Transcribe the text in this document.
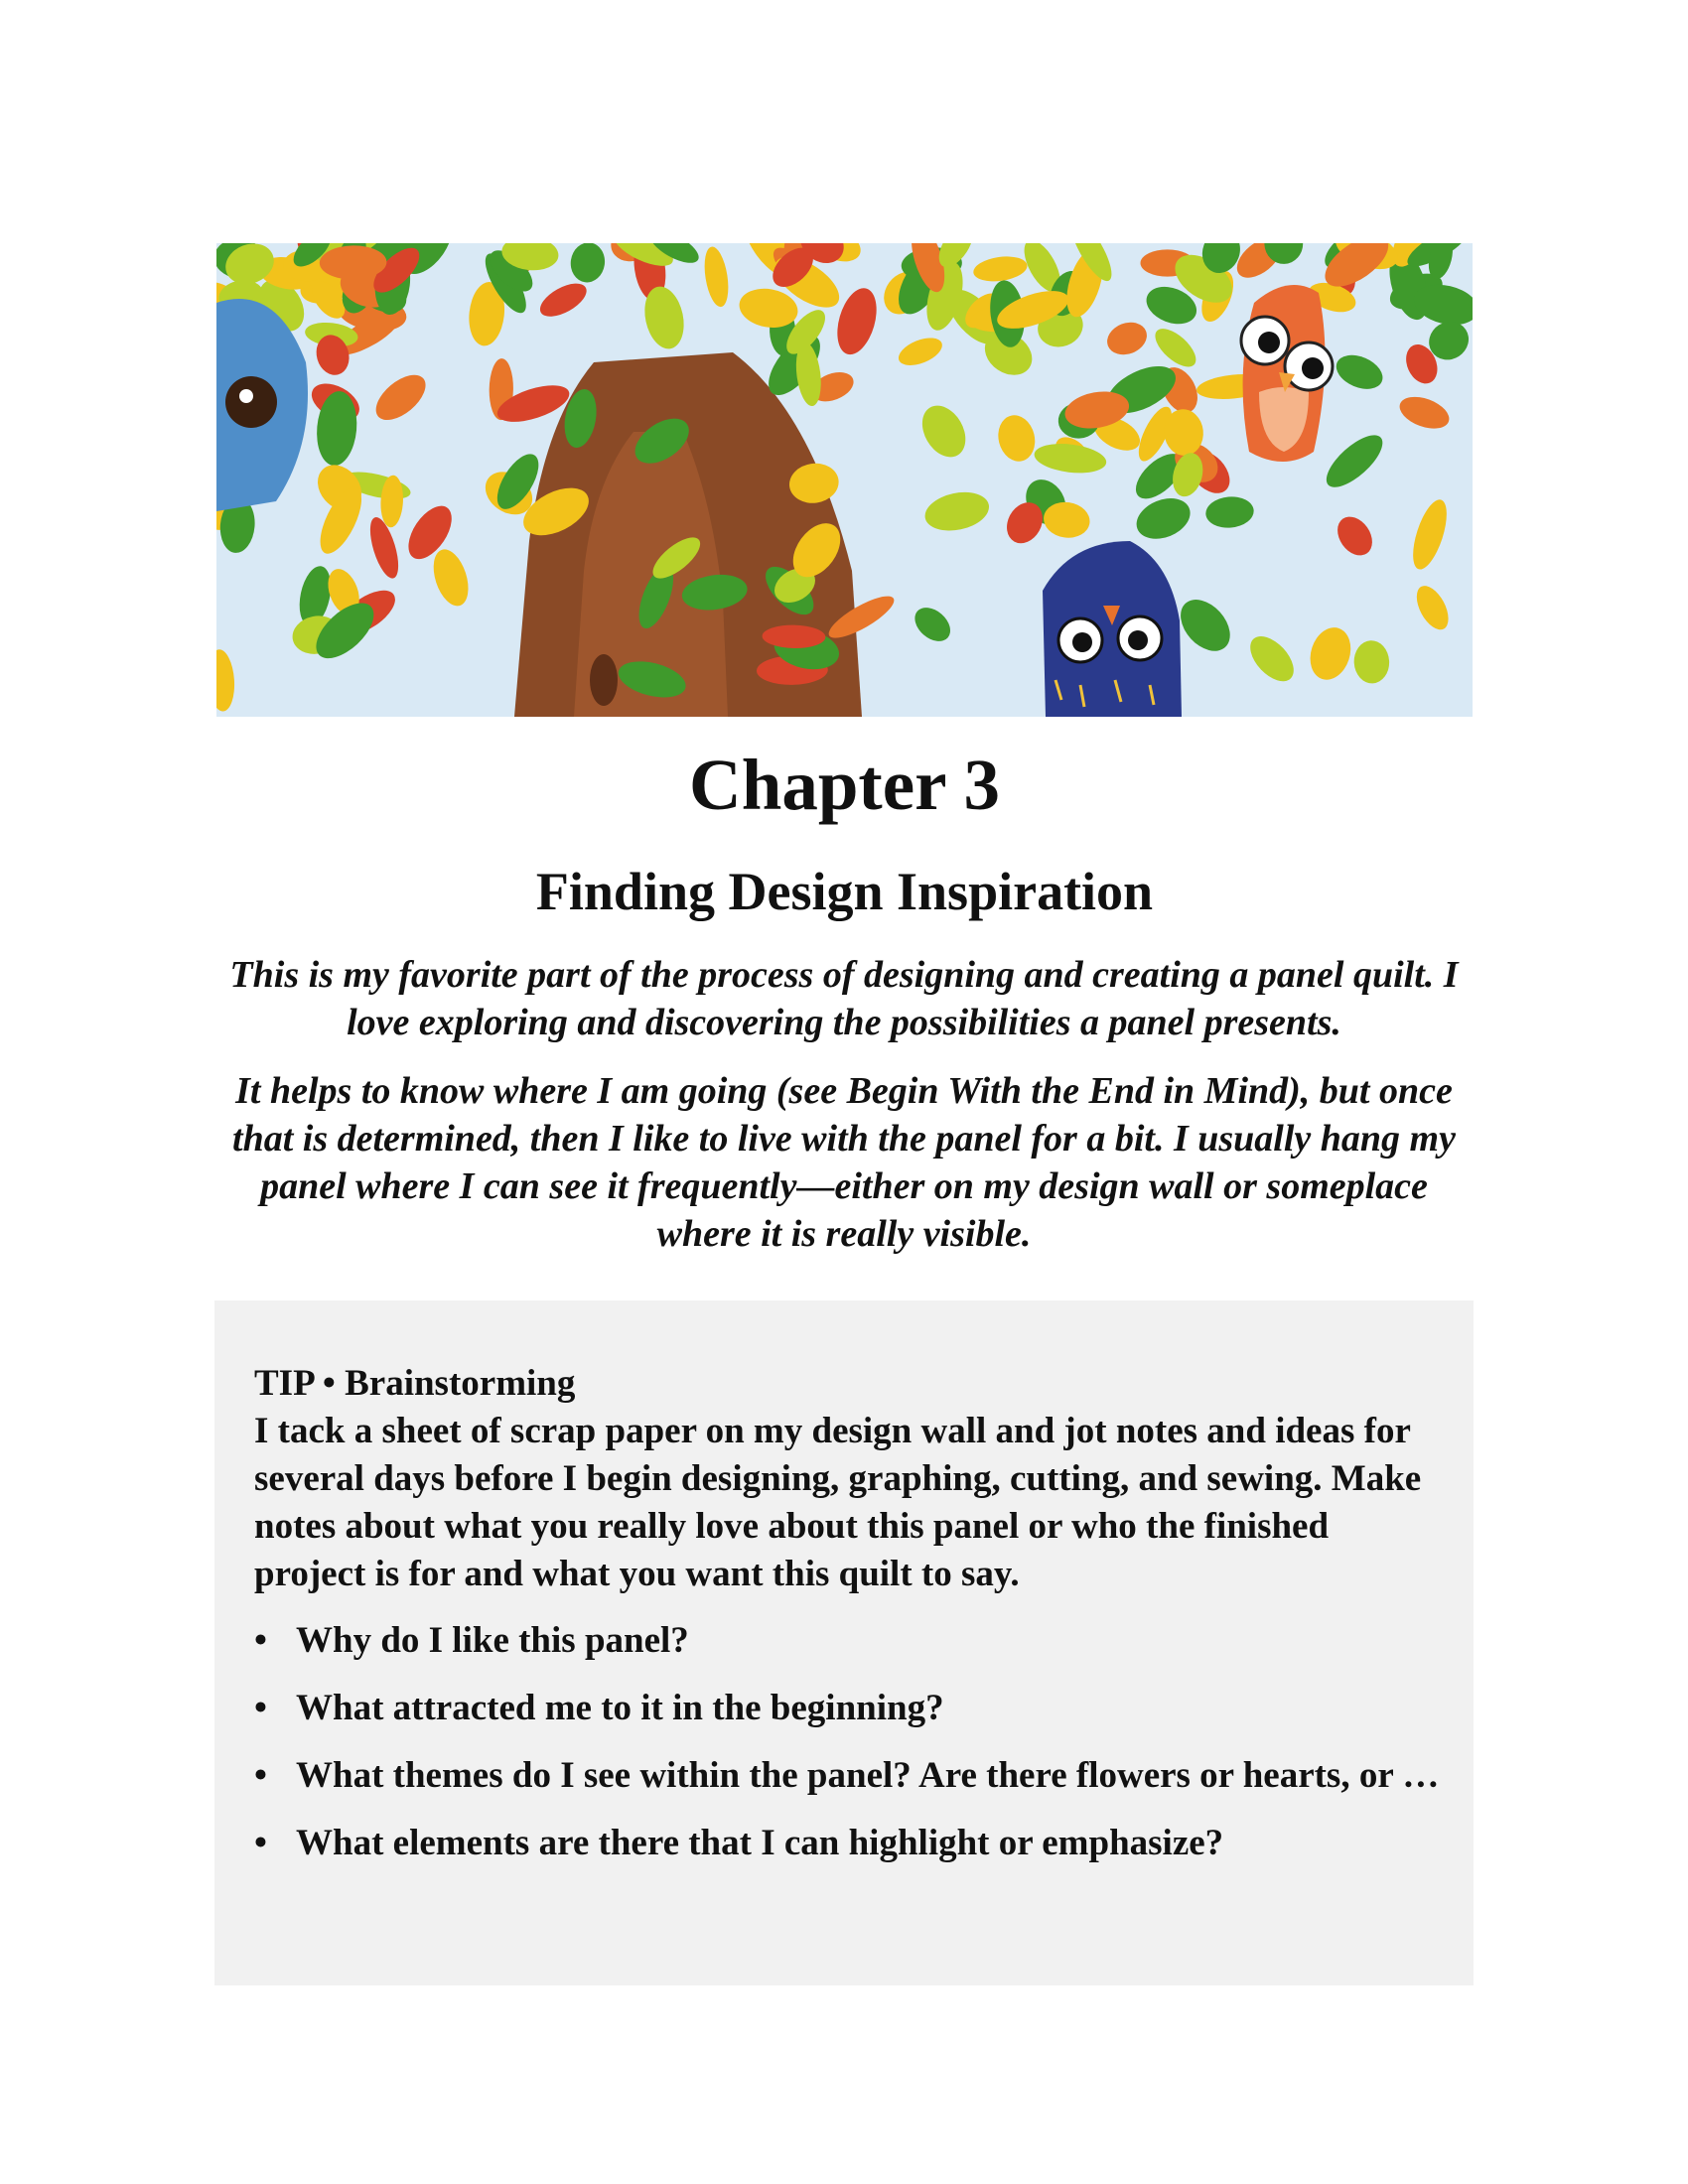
Chapter 3
Finding Design Inspiration

This is my favorite part of the process of designing and creating a panel quilt. I love exploring and discovering the possibilities a panel presents.

It helps to know where I am going (see Begin With the End in Mind), but once that is determined, then I like to live with the panel for a bit. I usually hang my panel where I can see it frequently—either on my design wall or someplace where it is really visible.

TIP • Brainstorming

I tack a sheet of scrap paper on my design wall and jot notes and ideas for several days before I begin designing, graphing, cutting, and sewing. Make notes about what you really love about this panel or who the finished project is for and what you want this quilt to say.

• Why do I like this panel?
• What attracted me to it in the beginning?
• What themes do I see within the panel? Are there flowers or hearts, or …
• What elements are there that I can highlight or emphasize?
